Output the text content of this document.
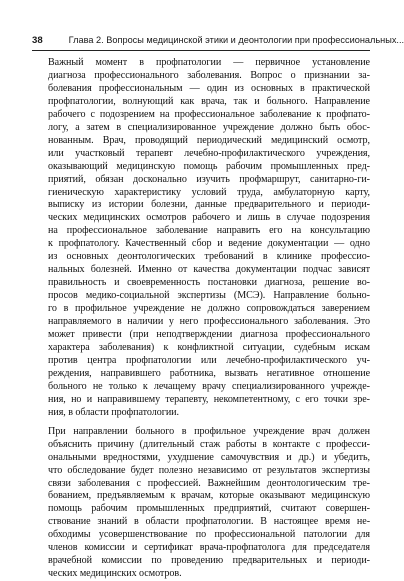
38	Глава 2. Вопросы медицинской этики и деонтологии при профессиональных...

Важный момент в профпатологии — первичное установление
диагноза профессионального заболевания. Вопрос о признании за-
болевания профессиональным — один из основных в практической
профпатологии, волнующий как врача, так и больного. Направление
рабочего с подозрением на профессиональное заболевание к профпато-
логу, а затем в специализированное учреждение должно быть обос-
нованным. Врач, проводящий периодический медицинский осмотр,
или участковый терапевт лечебно-профилактического учреждения,
оказывающий медицинскую помощь рабочим промышленных пред-
приятий, обязан досконально изучить профмаршрут, санитарно-ги-
гиеническую характеристику условий труда, амбулаторную карту,
выписку из истории болезни, данные предварительного и периоди-
ческих медицинских осмотров рабочего и лишь в случае подозрения
на профессиональное заболевание направить его на консультацию
к профпатологу. Качественный сбор и ведение документации — одно
из основных деонтологических требований в клинике профессио-
нальных болезней. Именно от качества документации подчас зависят
правильность и своевременность постановки диагноза, решение во-
просов медико-социальной экспертизы (МСЭ). Направление больно-
го в профильное учреждение не должно сопровождаться заверением
направляемого в наличии у него профессионального заболевания. Это
может привести (при неподтверждении диагноза профессионального
характера заболевания) к конфликтной ситуации, судебным искам
против центра профпатологии или лечебно-профилактического уч-
реждения, направившего работника, вызвать негативное отношение
больного не только к лечащему врачу специализированного учрежде-
ния, но и направившему терапевту, некомпетентному, с его точки зре-
ния, в области профпатологии.

При направлении больного в профильное учреждение врач должен
объяснить причину (длительный стаж работы в контакте с професси-
ональными вредностями, ухудшение самочувствия и др.) и убедить,
что обследование будет полезно независимо от результатов экспертизы
связи заболевания с профессией. Важнейшим деонтологическим тре-
бованием, предъявляемым к врачам, которые оказывают медицинскую
помощь рабочим промышленных предприятий, считают совершен-
ствование знаний в области профпатологии. В настоящее время не-
обходимы усовершенствование по профессиональной патологии для
членов комиссии и сертификат врача-профпатолога для председателя
врачебной комиссии по проведению предварительных и периоди-
ческих медицинских осмотров.
